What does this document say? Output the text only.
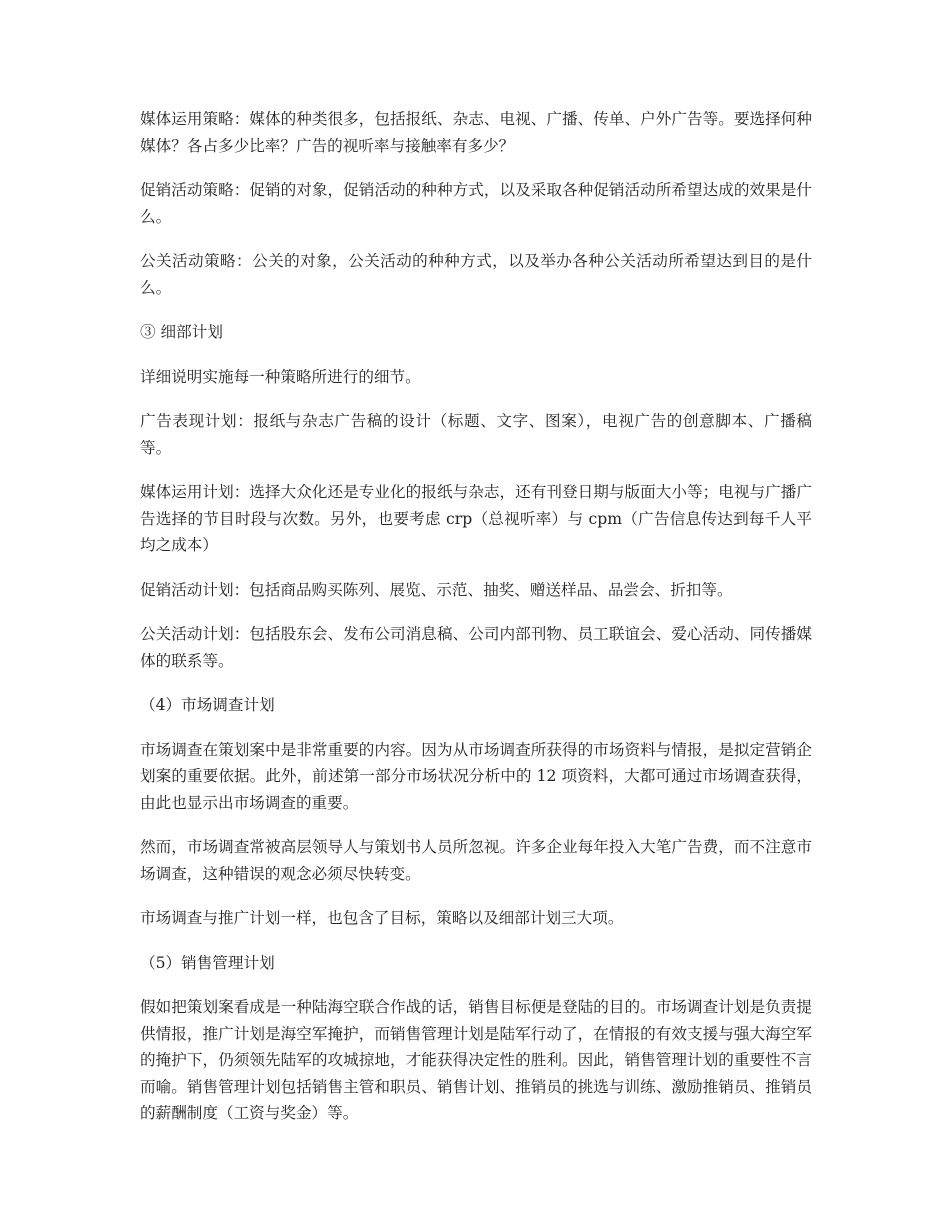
媒体运用策略：媒体的种类很多，包括报纸、杂志、电视、广播、传单、户外广告等。要选择何种媒体？各占多少比率？广告的视听率与接触率有多少？

促销活动策略：促销的对象，促销活动的种种方式，以及采取各种促销活动所希望达成的效果是什么。

公关活动策略：公关的对象，公关活动的种种方式，以及举办各种公关活动所希望达到目的是什么。

③ 细部计划

详细说明实施每一种策略所进行的细节。

广告表现计划：报纸与杂志广告稿的设计（标题、文字、图案），电视广告的创意脚本、广播稿等。

媒体运用计划：选择大众化还是专业化的报纸与杂志，还有刊登日期与版面大小等；电视与广播广告选择的节目时段与次数。另外，也要考虑 crp（总视听率）与 cpm（广告信息传达到每千人平均之成本）

促销活动计划：包括商品购买陈列、展览、示范、抽奖、赠送样品、品尝会、折扣等。

公关活动计划：包括股东会、发布公司消息稿、公司内部刊物、员工联谊会、爱心活动、同传播媒体的联系等。

（4）市场调查计划

市场调查在策划案中是非常重要的内容。因为从市场调查所获得的市场资料与情报，是拟定营销企划案的重要依据。此外，前述第一部分市场状况分析中的 12 项资料，大都可通过市场调查获得，由此也显示出市场调查的重要。

然而，市场调查常被高层领导人与策划书人员所忽视。许多企业每年投入大笔广告费，而不注意市场调查，这种错误的观念必须尽快转变。

市场调查与推广计划一样，也包含了目标，策略以及细部计划三大项。

（5）销售管理计划

假如把策划案看成是一种陆海空联合作战的话，销售目标便是登陆的目的。市场调查计划是负责提供情报，推广计划是海空军掩护，而销售管理计划是陆军行动了，在情报的有效支援与强大海空军的掩护下，仍须领先陆军的攻城掠地，才能获得决定性的胜利。因此，销售管理计划的重要性不言而喻。销售管理计划包括销售主管和职员、销售计划、推销员的挑选与训练、激励推销员、推销员的薪酬制度（工资与奖金）等。
